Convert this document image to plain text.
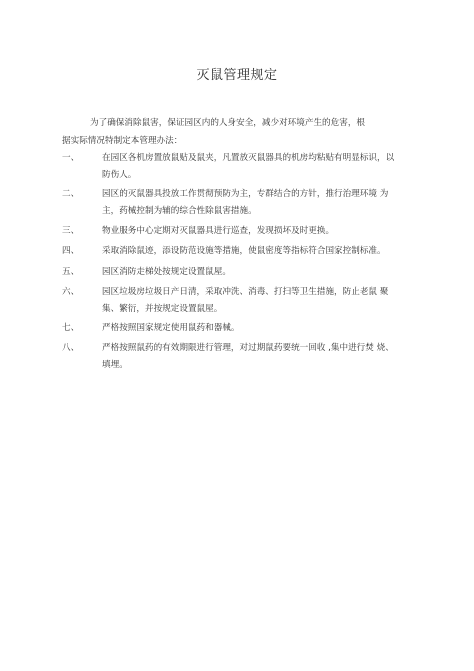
灭鼠管理规定
为了确保消除鼠害，保证园区内的人身安全，减少对环境产生的危害，根
据实际情况特制定本管理办法：
一、	在园区各机房置放鼠贴及鼠夹，凡置放灭鼠器具的机房均粘贴有明显标识，以
防伤人。
二、	园区的灭鼠器具投放工作贯彻预防为主，专群结合的方针，推行治理环境 为
主，药械控制为辅的综合性除鼠害措施。
三、	物业服务中心定期对灭鼠器具进行巡查，发现损坏及时更换。
四、	采取消除鼠迹，添设防范设施等措施，使鼠密度等指标符合国家控制标准。
五、	园区消防走梯处按规定设置鼠屋。
六、	园区垃圾房垃圾日产日清，采取冲洗、消毒、打扫等卫生措施，防止老鼠 聚
集、繁衍，并按规定设置鼠屋。
七、	严格按照国家规定使用鼠药和器械。
八、	严格按照鼠药的有效期限进行管理，对过期鼠药要统一回收 ,集中进行焚 烧、
填埋。
